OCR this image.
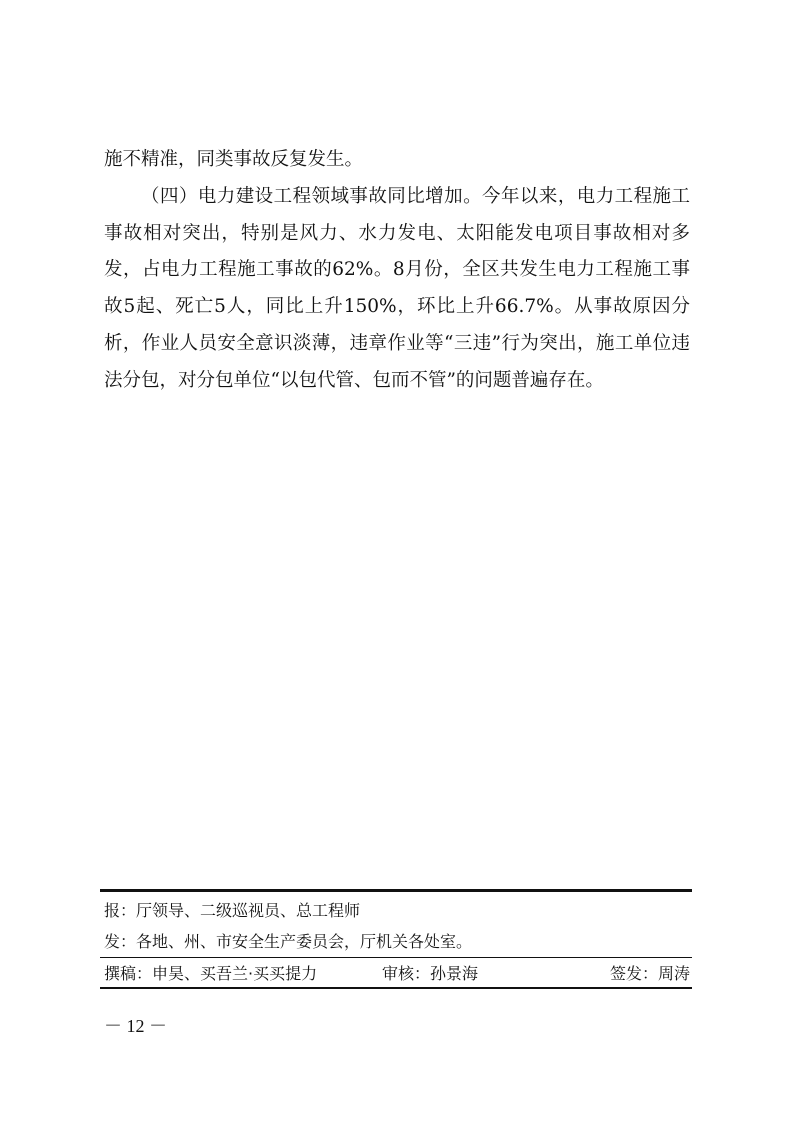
施不精准，同类事故反复发生。

（四）电力建设工程领域事故同比增加。今年以来，电力工程施工事故相对突出，特别是风力、水力发电、太阳能发电项目事故相对多发，占电力工程施工事故的62%。8月份，全区共发生电力工程施工事故5起、死亡5人，同比上升150%，环比上升66.7%。从事故原因分析，作业人员安全意识淡薄，违章作业等“三违”行为突出，施工单位违法分包，对分包单位“以包代管、包而不管”的问题普遍存在。

报：厅领导、二级巡视员、总工程师
发：各地、州、市安全生产委员会，厅机关各处室。
撰稿：申昊、买吾兰·买买提力	审核：孙景海	签发：周涛
－ 12 －
